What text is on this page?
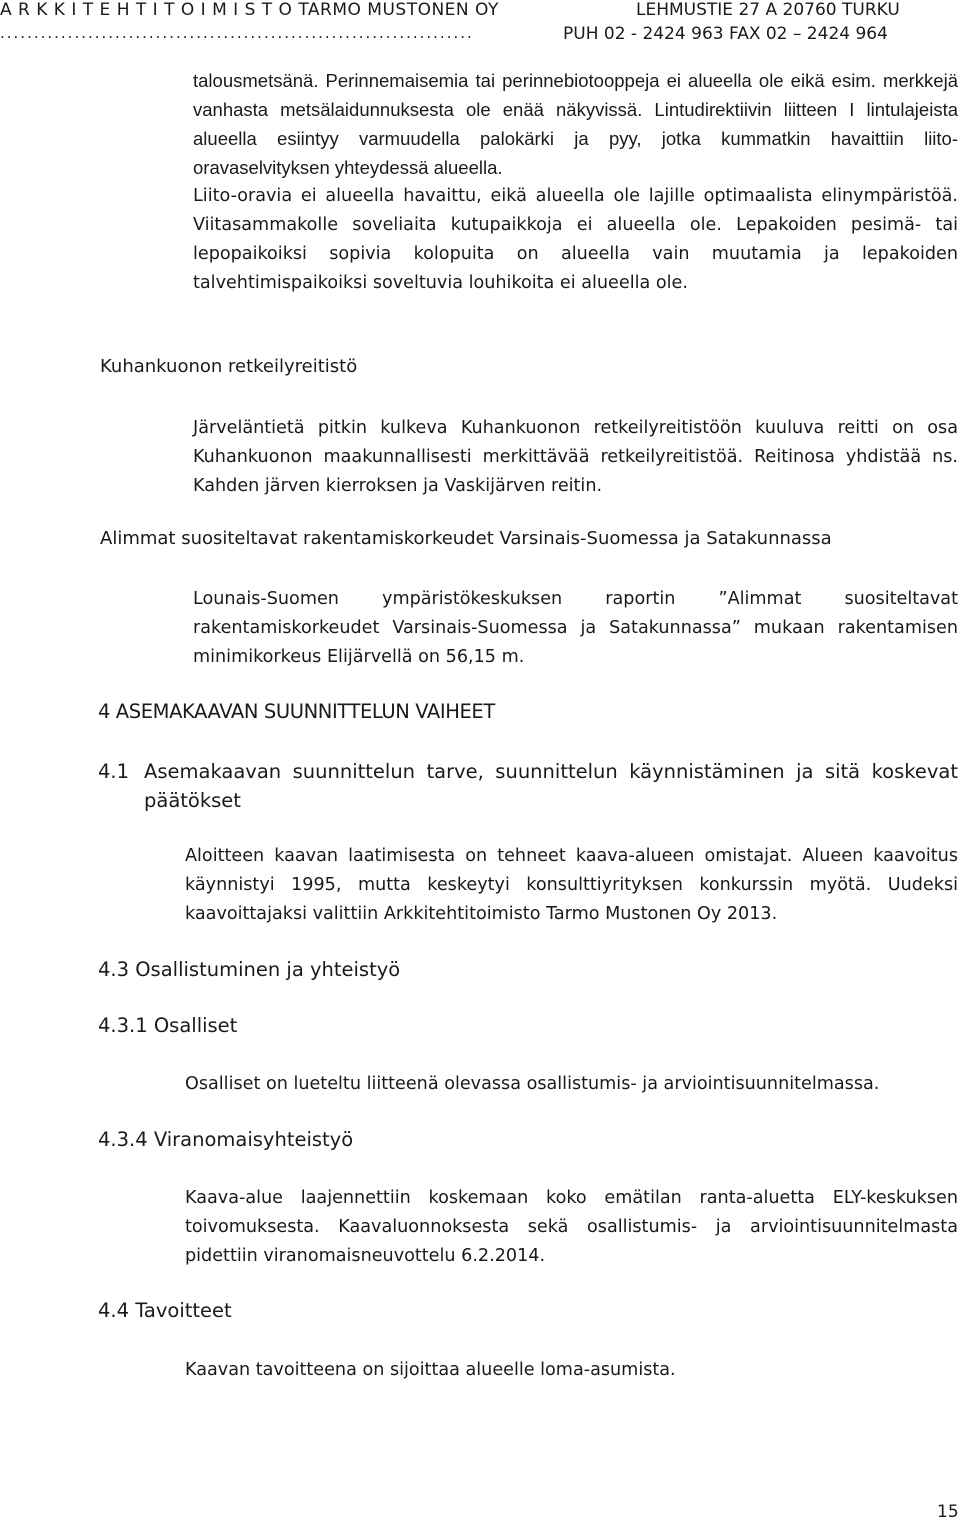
A R K K I T E H T I T O I M I S T O TARMO MUSTONEN OY	LEHMUSTIE 27 A 20760 TURKU
......................................................................	PUH 02 - 2424 963 FAX 02 – 2424 964

talousmetsänä. Perinnemaisemia tai perinnebiotooppeja ei alueella ole eikä esim. merkkejä vanhasta metsälaidunnuksesta ole enää näkyvissä. Lintudirektiivin liitteen I lintulajeista alueella esiintyy varmuudella palokärki ja pyy, jotka kummatkin havaittiin liito-oravaselvityksen yhteydessä alueella.

Liito-oravia ei alueella havaittu, eikä alueella ole lajille optimaalista elinympäristöä. Viitasammakolle soveliaita kutupaikkoja ei alueella ole. Lepakoiden pesimä- tai lepopaikoiksi sopivia kolopuita on alueella vain muutamia ja lepakoiden talvehtimispaikoiksi soveltuvia louhikoita ei alueella ole.

Kuhankuonon retkeilyreitistö

Järveläntietä pitkin kulkeva Kuhankuonon retkeilyreitistöön kuuluva reitti on osa Kuhankuonon maakunnallisesti merkittävää retkeilyreitistöä. Reitinosa yhdistää ns. Kahden järven kierroksen ja Vaskijärven reitin.

Alimmat suositeltavat rakentamiskorkeudet Varsinais-Suomessa ja Satakunnassa

Lounais-Suomen ympäristökeskuksen raportin ”Alimmat suositeltavat rakentamiskorkeudet Varsinais-Suomessa ja Satakunnassa” mukaan rakentamisen minimikorkeus Elijärvellä on 56,15 m.

4 ASEMAKAAVAN SUUNNITTELUN VAIHEET
4.1 Asemakaavan suunnittelun tarve, suunnittelun käynnistäminen ja sitä koskevat päätökset

Aloitteen kaavan laatimisesta on tehneet kaava-alueen omistajat. Alueen kaavoitus käynnistyi 1995, mutta keskeytyi konsulttiyrityksen konkurssin myötä. Uudeksi kaavoittajaksi valittiin Arkkitehtitoimisto Tarmo Mustonen Oy 2013.

4.3 Osallistuminen ja yhteistyö
4.3.1 Osalliset

Osalliset on lueteltu liitteenä olevassa osallistumis- ja arviointisuunnitelmassa.

4.3.4 Viranomaisyhteistyö

Kaava-alue laajennettiin koskemaan koko emätilan ranta-aluetta ELY-keskuksen toivomuksesta. Kaavaluonnoksesta sekä osallistumis- ja arviointisuunnitelmasta pidettiin viranomaisneuvottelu 6.2.2014.

4.4 Tavoitteet

Kaavan tavoitteena on sijoittaa alueelle loma-asumista.

15
